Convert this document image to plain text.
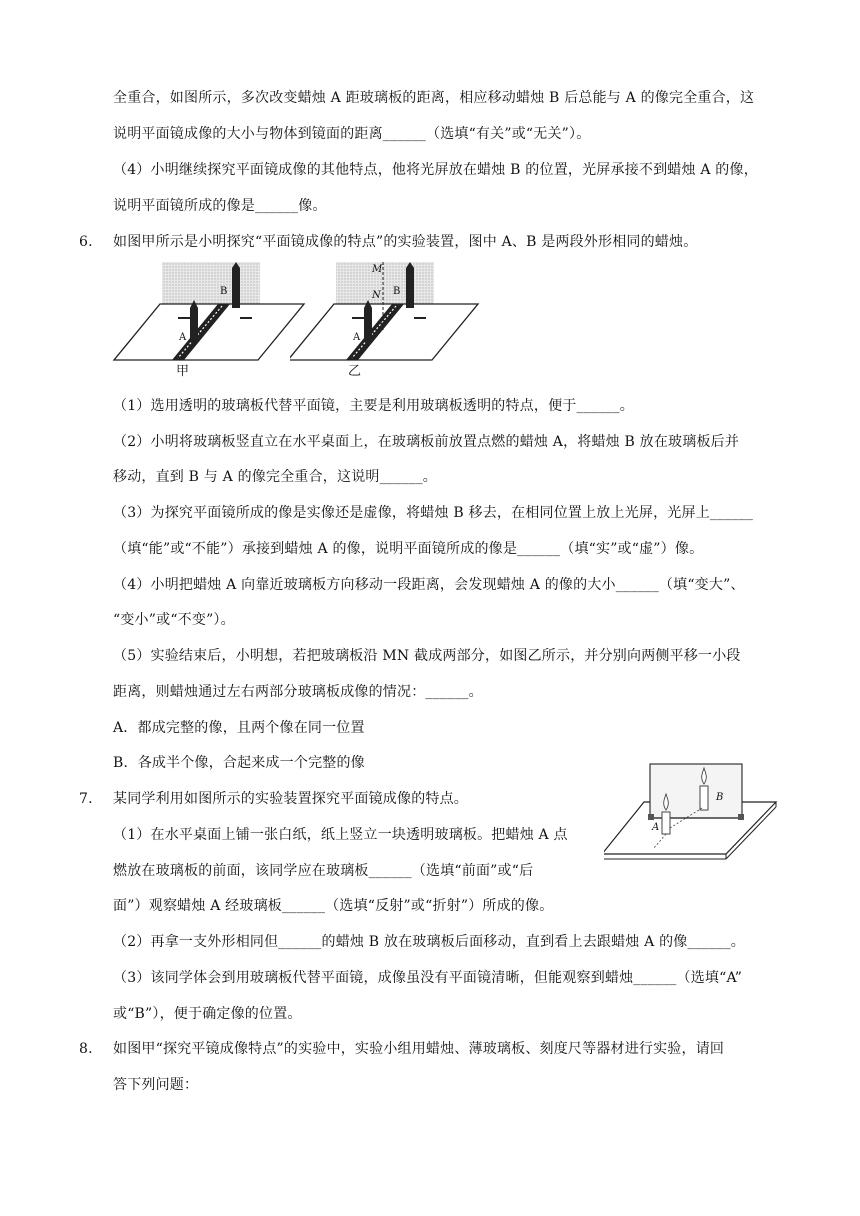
全重合，如图所示，多次改变蜡烛 A 距玻璃板的距离，相应移动蜡烛 B 后总能与 A 的像完全重合，这
说明平面镜成像的大小与物体到镜面的距离______（选填“有关”或“无关”）。
（4）小明继续探究平面镜成像的其他特点，他将光屏放在蜡烛 B 的位置，光屏承接不到蜡烛 A 的像，
说明平面镜所成的像是______像。
6. 如图甲所示是小明探究“平面镜成像的特点”的实验装置，图中 A、B 是两段外形相同的蜡烛。
A
B
甲
A
B
M
N
乙
（1）选用透明的玻璃板代替平面镜，主要是利用玻璃板透明的特点，便于______。
（2）小明将玻璃板竖直立在水平桌面上，在玻璃板前放置点燃的蜡烛 A，将蜡烛 B 放在玻璃板后并
移动，直到 B 与 A 的像完全重合，这说明______。
（3）为探究平面镜所成的像是实像还是虚像，将蜡烛 B 移去，在相同位置上放上光屏，光屏上______
（填“能”或“不能”）承接到蜡烛 A 的像，说明平面镜所成的像是______（填“实”或“虚”）像。
（4）小明把蜡烛 A 向靠近玻璃板方向移动一段距离，会发现蜡烛 A 的像的大小______（填“变大”、
“变小”或“不变”）。
（5）实验结束后，小明想，若把玻璃板沿 MN 截成两部分，如图乙所示，并分别向两侧平移一小段
距离，则蜡烛通过左右两部分玻璃板成像的情况：______。
A．都成完整的像，且两个像在同一位置
B．各成半个像，合起来成一个完整的像
7. 某同学利用如图所示的实验装置探究平面镜成像的特点。
A
B
（1）在水平桌面上铺一张白纸，纸上竖立一块透明玻璃板。把蜡烛 A 点
燃放在玻璃板的前面，该同学应在玻璃板______（选填“前面”或“后
面”）观察蜡烛 A 经玻璃板______（选填“反射”或“折射”）所成的像。
（2）再拿一支外形相同但______的蜡烛 B 放在玻璃板后面移动，直到看上去跟蜡烛 A 的像______。
（3）该同学体会到用玻璃板代替平面镜，成像虽没有平面镜清晰，但能观察到蜡烛______（选填“A”
或“B”），便于确定像的位置。
8. 如图甲“探究平镜成像特点”的实验中，实验小组用蜡烛、薄玻璃板、刻度尺等器材进行实验，请回
答下列问题：
